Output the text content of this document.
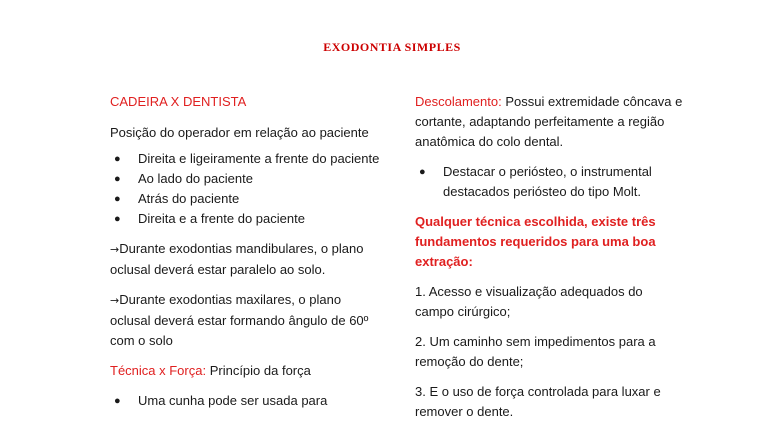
EXODONTIA SIMPLES

CADEIRA X DENTISTA

Posição do operador em relação ao paciente

● Direita e ligeiramente a frente do paciente
● Ao lado do paciente
● Atrás do paciente
● Direita e a frente do paciente

→Durante exodontias mandibulares, o plano oclusal deverá estar paralelo ao solo.

→Durante exodontias maxilares, o plano oclusal deverá estar formando ângulo de 60º com o solo

Técnica x Força: Princípio da força

● Uma cunha pode ser usada para

Descolamento: Possui extremidade côncava e cortante, adaptando perfeitamente a região anatômica do colo dental.

● Destacar o periósteo, o instrumental destacados periósteo do tipo Molt.

Qualquer técnica escolhida, existe três fundamentos requeridos para uma boa extração:

1. Acesso e visualização adequados do campo cirúrgico;

2. Um caminho sem impedimentos para a remoção do dente;

3. E o uso de força controlada para luxar e remover o dente.
